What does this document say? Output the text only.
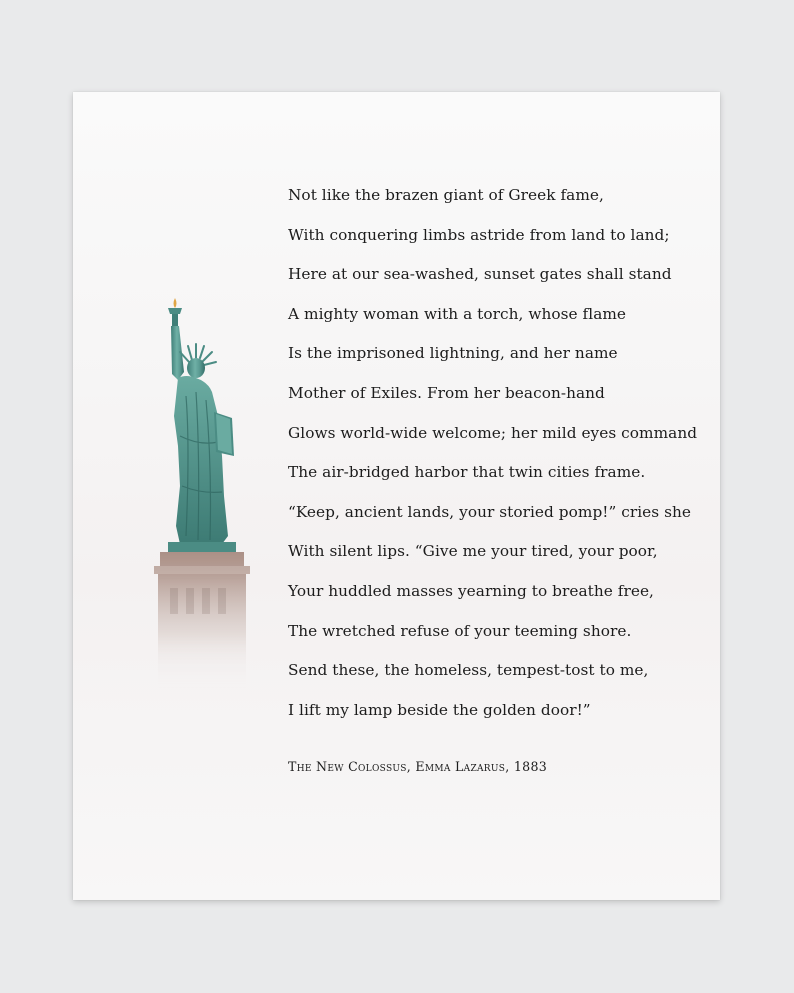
Not like the brazen giant of Greek fame,
With conquering limbs astride from land to land;
Here at our sea-washed, sunset gates shall stand
A mighty woman with a torch, whose flame
Is the imprisoned lightning, and her name
Mother of Exiles. From her beacon-hand
Glows world-wide welcome; her mild eyes command
The air-bridged harbor that twin cities frame.
“Keep, ancient lands, your storied pomp!” cries she
With silent lips. “Give me your tired, your poor,
Your huddled masses yearning to breathe free,
The wretched refuse of your teeming shore.
Send these, the homeless, tempest-tost to me,
I lift my lamp beside the golden door!”
The New Colossus, Emma Lazarus, 1883
